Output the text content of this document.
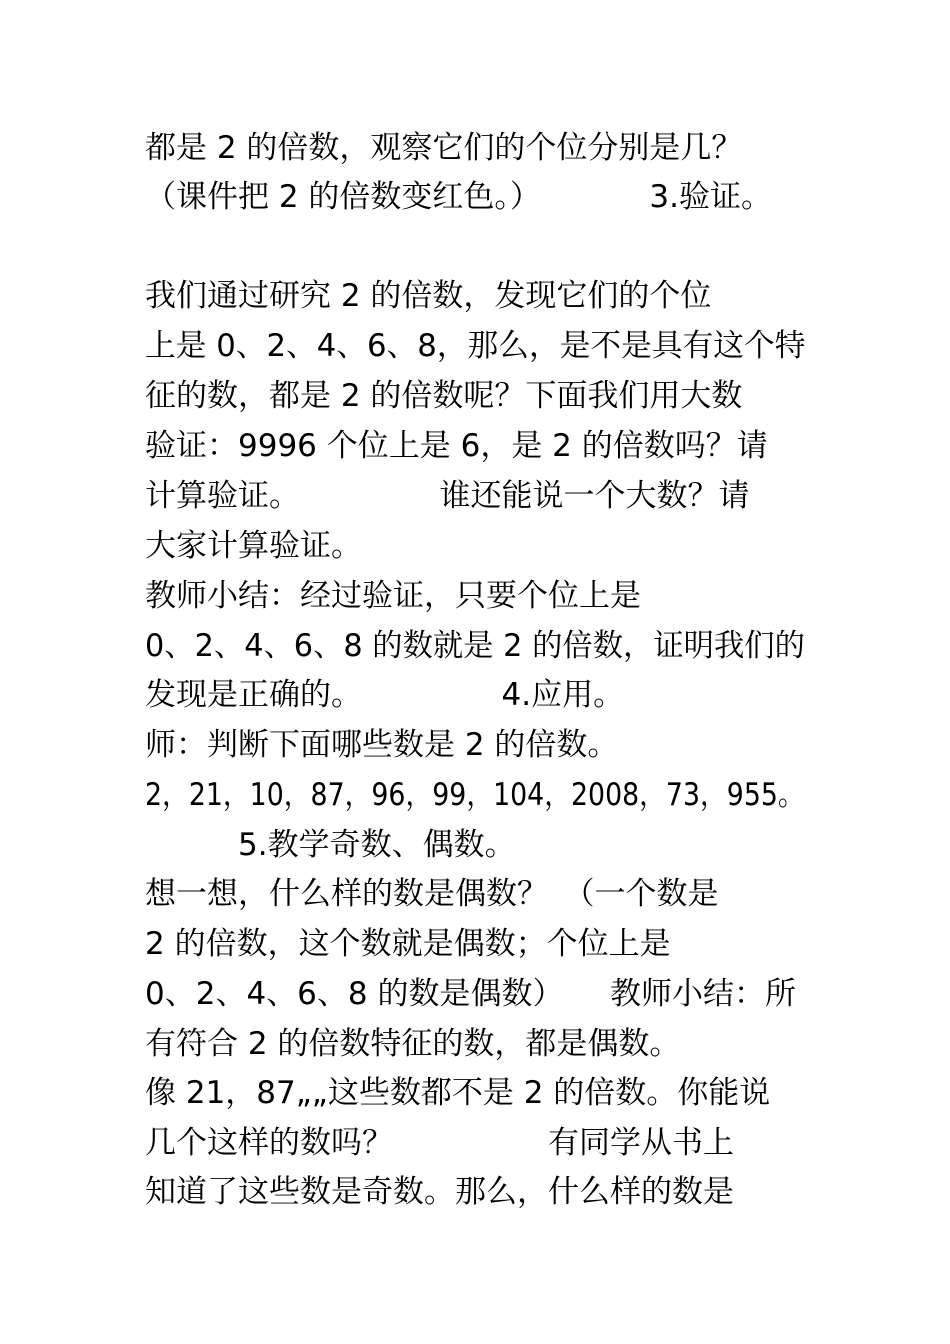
都是 2 的倍数，观察它们的个位分别是几？
（课件把 2 的倍数变红色。）　　　　3.验证。
我们通过研究 2 的倍数，发现它们的个位
上是 0、2、4、6、8，那么，是不是具有这个特
征的数，都是 2 的倍数呢？下面我们用大数
验证：9996 个位上是 6，是 2 的倍数吗？请
计算验证。　　　　　谁还能说一个大数？请
大家计算验证。
教师小结：经过验证，只要个位上是
0、2、4、6、8 的数就是 2 的倍数，证明我们的
发现是正确的。　　　　　4.应用。
师：判断下面哪些数是 2 的倍数。
2，21，10，87，96，99，104，2008，73，955。
　　　5.教学奇数、偶数。
想一想，什么样的数是偶数？　（一个数是
2 的倍数，这个数就是偶数；个位上是
0、2、4、6、8 的数是偶数）　　教师小结：所
有符合 2 的倍数特征的数，都是偶数。
像 21，87„„这些数都不是 2 的倍数。你能说
几个这样的数吗？　　　　　有同学从书上
知道了这些数是奇数。那么，什么样的数是
